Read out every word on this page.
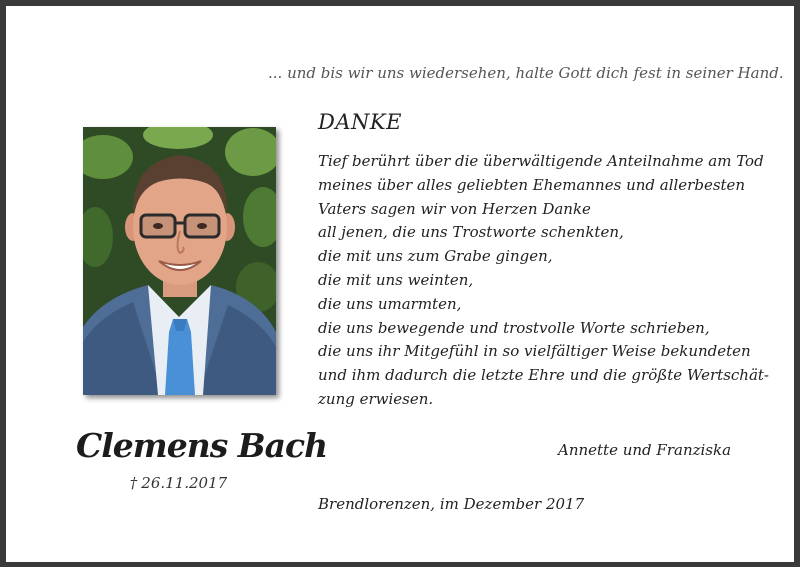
... und bis wir uns wiedersehen, halte Gott dich fest in seiner Hand.
DANKE
Tief berührt über die überwältigende Anteilnahme am Tod
meines über alles geliebten Ehemannes und allerbesten
Vaters sagen wir von Herzen Danke
all jenen, die uns Trostworte schenkten,
die mit uns zum Grabe gingen,
die mit uns weinten,
die uns umarmten,
die uns bewegende und trostvolle Worte schrieben,
die uns ihr Mitgefühl in so vielfältiger Weise bekundeten
und ihm dadurch die letzte Ehre und die größte Wertschät-
zung erwiesen.
Annette und Franziska
Brendlorenzen, im Dezember 2017
Clemens Bach
† 26.11.2017
